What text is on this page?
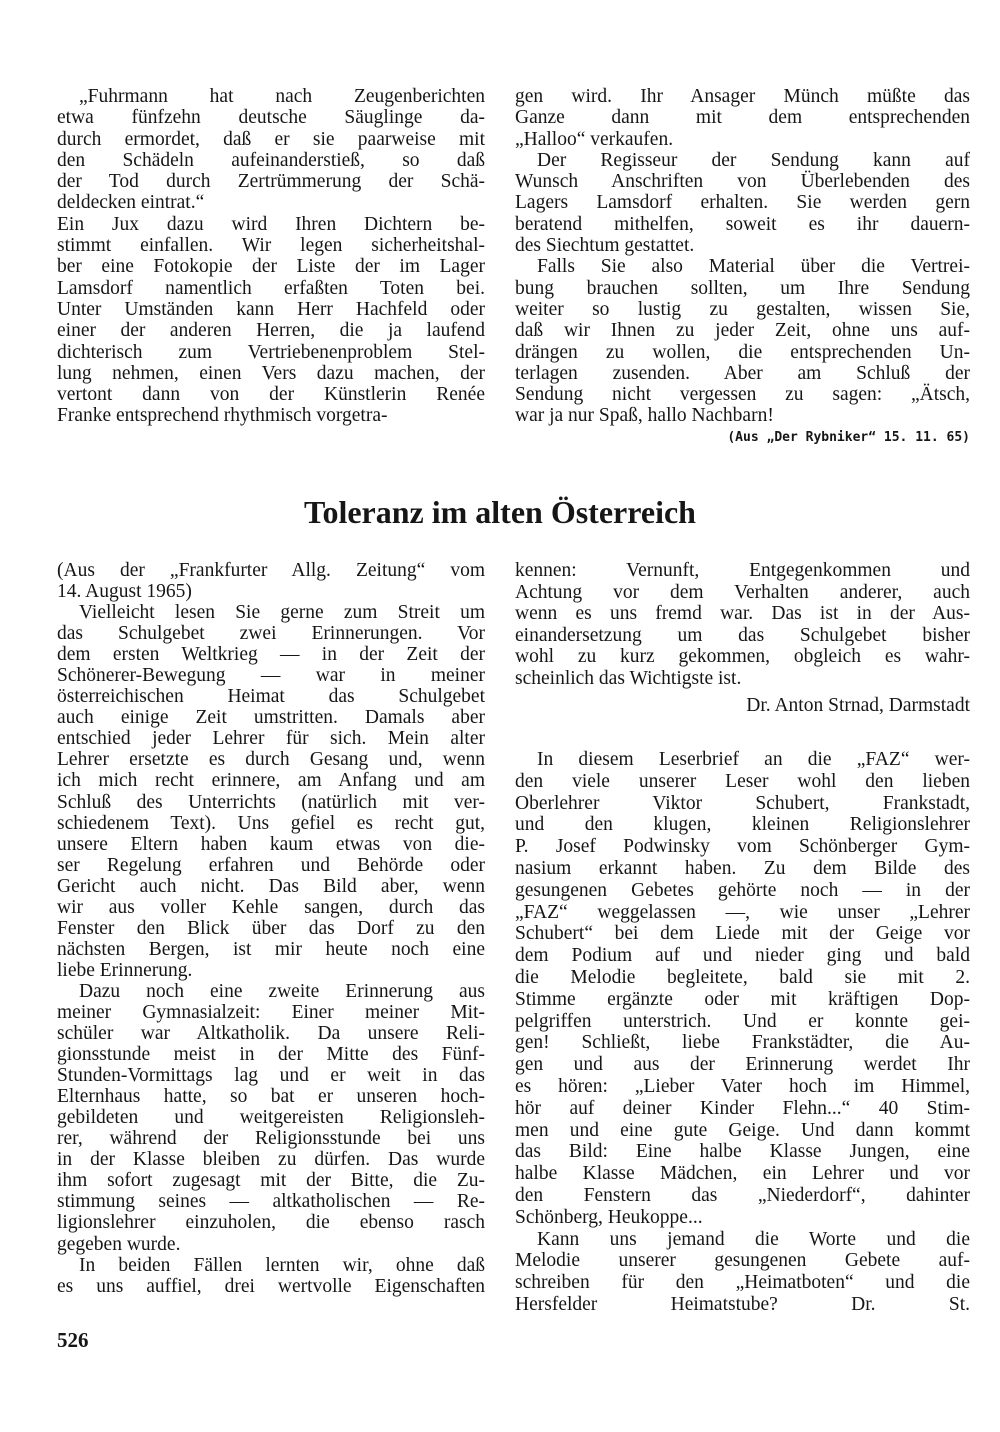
„Fuhrmann hat nach Zeugenberichten
etwa fünfzehn deutsche Säuglinge da-
durch ermordet, daß er sie paarweise mit
den Schädeln aufeinanderstieß, so daß
der Tod durch Zertrümmerung der Schä-
deldecken eintrat.“
Ein Jux dazu wird Ihren Dichtern be-
stimmt einfallen. Wir legen sicherheitshal-
ber eine Fotokopie der Liste der im Lager
Lamsdorf namentlich erfaßten Toten bei.
Unter Umständen kann Herr Hachfeld oder
einer der anderen Herren, die ja laufend
dichterisch zum Vertriebenenproblem Stel-
lung nehmen, einen Vers dazu machen, der
vertont dann von der Künstlerin Renée
Franke entsprechend rhythmisch vorgetra-
gen wird. Ihr Ansager Münch müßte das
Ganze dann mit dem entsprechenden
„Halloo“ verkaufen.
Der Regisseur der Sendung kann auf
Wunsch Anschriften von Überlebenden des
Lagers Lamsdorf erhalten. Sie werden gern
beratend mithelfen, soweit es ihr dauern-
des Siechtum gestattet.
Falls Sie also Material über die Vertrei-
bung brauchen sollten, um Ihre Sendung
weiter so lustig zu gestalten, wissen Sie,
daß wir Ihnen zu jeder Zeit, ohne uns auf-
drängen zu wollen, die entsprechenden Un-
terlagen zusenden. Aber am Schluß der
Sendung nicht vergessen zu sagen: „Ätsch,
war ja nur Spaß, hallo Nachbarn!
(Aus „Der Rybniker“ 15. 11. 65)
Toleranz im alten Österreich
(Aus der „Frankfurter Allg. Zeitung“ vom
14. August 1965)
Vielleicht lesen Sie gerne zum Streit um
das Schulgebet zwei Erinnerungen. Vor
dem ersten Weltkrieg — in der Zeit der
Schönerer-Bewegung — war in meiner
österreichischen Heimat das Schulgebet
auch einige Zeit umstritten. Damals aber
entschied jeder Lehrer für sich. Mein alter
Lehrer ersetzte es durch Gesang und, wenn
ich mich recht erinnere, am Anfang und am
Schluß des Unterrichts (natürlich mit ver-
schiedenem Text). Uns gefiel es recht gut,
unsere Eltern haben kaum etwas von die-
ser Regelung erfahren und Behörde oder
Gericht auch nicht. Das Bild aber, wenn
wir aus voller Kehle sangen, durch das
Fenster den Blick über das Dorf zu den
nächsten Bergen, ist mir heute noch eine
liebe Erinnerung.
Dazu noch eine zweite Erinnerung aus
meiner Gymnasialzeit: Einer meiner Mit-
schüler war Altkatholik. Da unsere Reli-
gionsstunde meist in der Mitte des Fünf-
Stunden-Vormittags lag und er weit in das
Elternhaus hatte, so bat er unseren hoch-
gebildeten und weitgereisten Religionsleh-
rer, während der Religionsstunde bei uns
in der Klasse bleiben zu dürfen. Das wurde
ihm sofort zugesagt mit der Bitte, die Zu-
stimmung seines — altkatholischen — Re-
ligionslehrer einzuholen, die ebenso rasch
gegeben wurde.
In beiden Fällen lernten wir, ohne daß
es uns auffiel, drei wertvolle Eigenschaften
kennen: Vernunft, Entgegenkommen und
Achtung vor dem Verhalten anderer, auch
wenn es uns fremd war. Das ist in der Aus-
einandersetzung um das Schulgebet bisher
wohl zu kurz gekommen, obgleich es wahr-
scheinlich das Wichtigste ist.
Dr. Anton Strnad, Darmstadt
In diesem Leserbrief an die „FAZ“ wer-
den viele unserer Leser wohl den lieben
Oberlehrer Viktor Schubert, Frankstadt,
und den klugen, kleinen Religionslehrer
P. Josef Podwinsky vom Schönberger Gym-
nasium erkannt haben. Zu dem Bilde des
gesungenen Gebetes gehörte noch — in der
„FAZ“ weggelassen —, wie unser „Lehrer
Schubert“ bei dem Liede mit der Geige vor
dem Podium auf und nieder ging und bald
die Melodie begleitete, bald sie mit 2.
Stimme ergänzte oder mit kräftigen Dop-
pelgriffen unterstrich. Und er konnte gei-
gen! Schließt, liebe Frankstädter, die Au-
gen und aus der Erinnerung werdet Ihr
es hören: „Lieber Vater hoch im Himmel,
hör auf deiner Kinder Flehn...“ 40 Stim-
men und eine gute Geige. Und dann kommt
das Bild: Eine halbe Klasse Jungen, eine
halbe Klasse Mädchen, ein Lehrer und vor
den Fenstern das „Niederdorf“, dahinter
Schönberg, Heukoppe...
Kann uns jemand die Worte und die
Melodie unserer gesungenen Gebete auf-
schreiben für den „Heimatboten“ und die
Hersfelder Heimatstube? Dr. St.
526
